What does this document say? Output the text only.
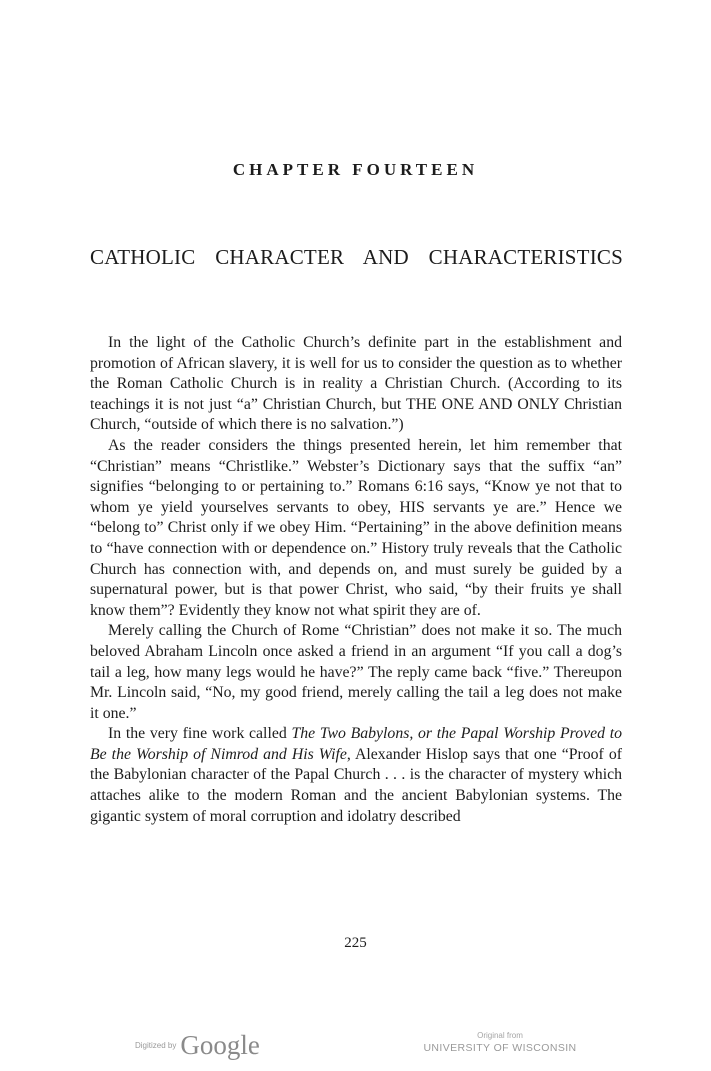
CHAPTER FOURTEEN
CATHOLIC CHARACTER AND CHARACTERISTICS

In the light of the Catholic Church’s definite part in the establishment and promotion of African slavery, it is well for us to consider the question as to whether the Roman Catholic Church is in reality a Christian Church. (According to its teachings it is not just “a” Christian Church, but THE ONE AND ONLY Christian Church, “outside of which there is no salvation.”)

As the reader considers the things presented herein, let him remember that “Christian” means “Christlike.” Webster’s Dictionary says that the suffix “an” signifies “belonging to or pertaining to.” Romans 6:16 says, “Know ye not that to whom ye yield yourselves servants to obey, HIS servants ye are.” Hence we “belong to” Christ only if we obey Him. “Pertaining” in the above definition means to “have connection with or dependence on.” History truly reveals that the Catholic Church has connection with, and depends on, and must surely be guided by a supernatural power, but is that power Christ, who said, “by their fruits ye shall know them”? Evidently they know not what spirit they are of.

Merely calling the Church of Rome “Christian” does not make it so. The much beloved Abraham Lincoln once asked a friend in an argument “If you call a dog’s tail a leg, how many legs would he have?” The reply came back “five.” Thereupon Mr. Lincoln said, “No, my good friend, merely calling the tail a leg does not make it one.”

In the very fine work called The Two Babylons, or the Papal Worship Proved to Be the Worship of Nimrod and His Wife, Alexander Hislop says that one “Proof of the Babylonian character of the Papal Church . . . is the character of mystery which attaches alike to the modern Roman and the ancient Babylonian systems. The gigantic system of moral corruption and idolatry described

225
Digitized by Google	Original from
UNIVERSITY OF WISCONSIN
